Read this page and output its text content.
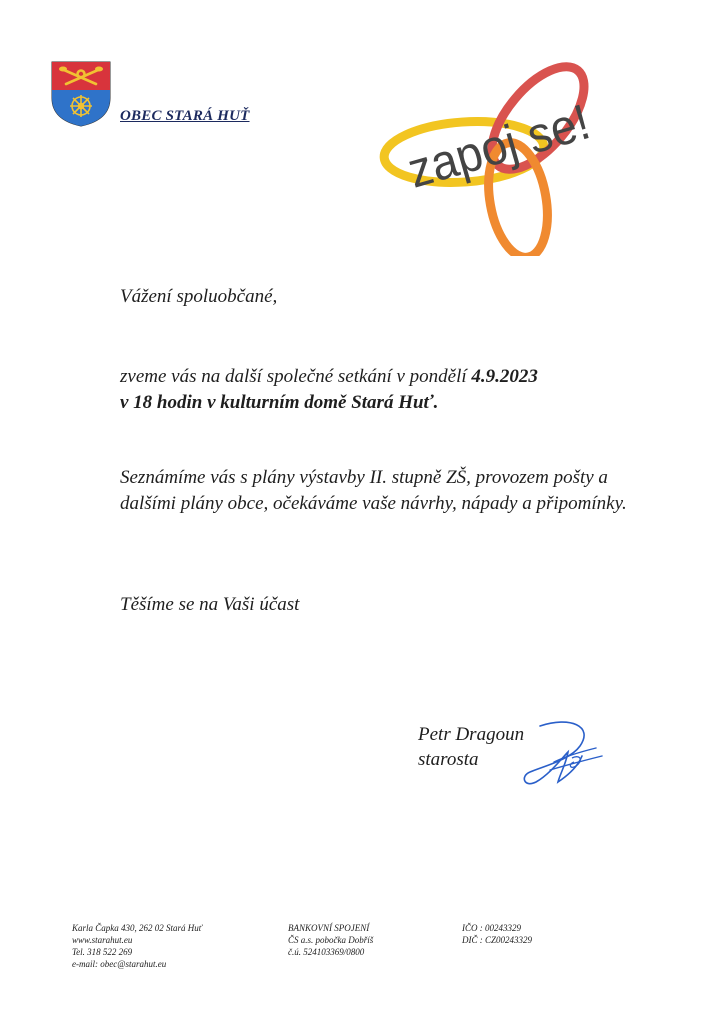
OBEC STARÁ HUŤ	zapoj se!
Vážení spoluobčané,
zveme vás na další společné setkání v pondělí 4.9.2023
v 18 hodin v kulturním domě Stará Huť.
Seznámíme vás s plány výstavby II. stupně ZŠ, provozem pošty a dalšími plány obce, očekáváme vaše návrhy, nápady a připomínky.
Těšíme se na Vaši účast
Petr Dragoun
starosta
Karla Čapka 430, 262 02 Stará Huť
www.starahut.eu
Tel. 318 522 269
e-mail: obec@starahut.eu
BANKOVNÍ SPOJENÍ
ČS a.s. pobočka Dobříš
č.ú. 524103369/0800
IČO : 00243329
DIČ : CZ00243329
